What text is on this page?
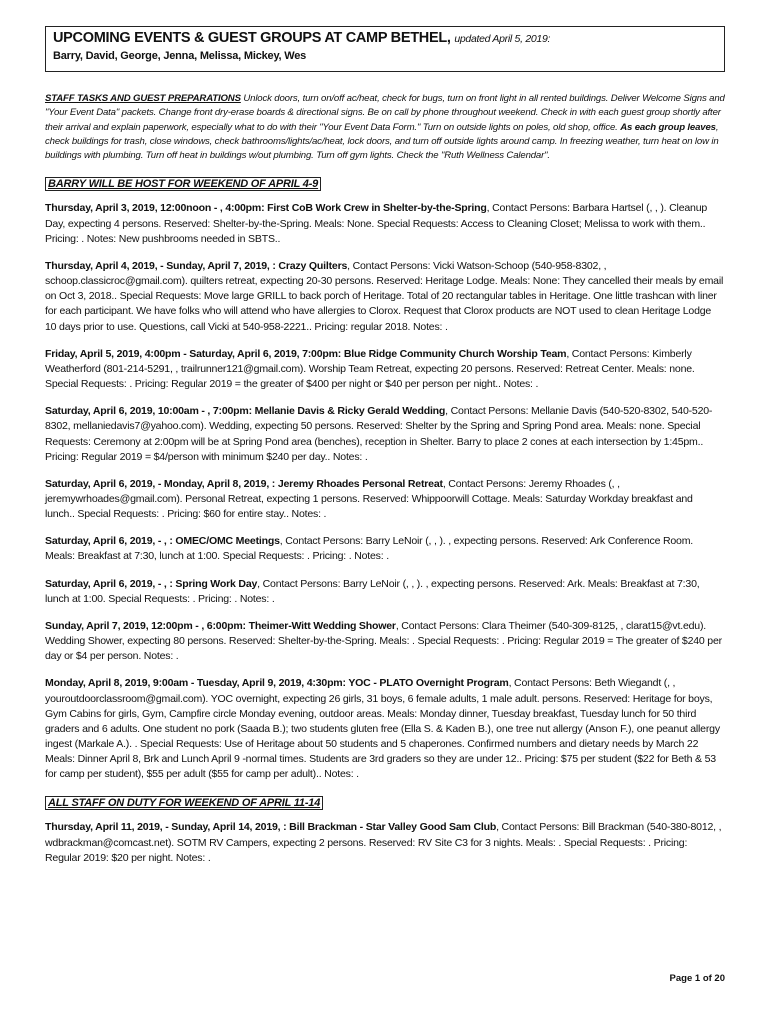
UPCOMING EVENTS & GUEST GROUPS AT CAMP BETHEL, updated April 5, 2019:
Barry, David, George, Jenna, Melissa, Mickey, Wes
STAFF TASKS AND GUEST PREPARATIONS Unlock doors, turn on/off ac/heat, check for bugs, turn on front light in all rented buildings. Deliver Welcome Signs and "Your Event Data" packets. Change front dry-erase boards & directional signs. Be on call by phone throughout weekend. Check in with each guest group shortly after their arrival and explain paperwork, especially what to do with their "Your Event Data Form." Turn on outside lights on poles, old shop, office. As each group leaves, check buildings for trash, close windows, check bathrooms/lights/ac/heat, lock doors, and turn off outside lights around camp. In freezing weather, turn heat on low in buildings with plumbing. Turn off heat in buildings w/out plumbing. Turn off gym lights. Check the "Ruth Wellness Calendar".
BARRY WILL BE HOST FOR WEEKEND OF APRIL 4-9
Thursday, April 3, 2019, 12:00noon - , 4:00pm: First CoB Work Crew in Shelter-by-the-Spring, Contact Persons: Barbara Hartsel (, , ). Cleanup Day, expecting 4 persons. Reserved: Shelter-by-the-Spring. Meals: None. Special Requests: Access to Cleaning Closet; Melissa to work with them.. Pricing: . Notes: New pushbrooms needed in SBTS..
Thursday, April 4, 2019, - Sunday, April 7, 2019, : Crazy Quilters, Contact Persons: Vicki Watson-Schoop (540-958-8302, , schoop.classicroc@gmail.com). quilters retreat, expecting 20-30 persons. Reserved: Heritage Lodge. Meals: None: They cancelled their meals by email on Oct 3, 2018.. Special Requests: Move large GRILL to back porch of Heritage. Total of 20 rectangular tables in Heritage. One little trashcan with liner for each participant. We have folks who will attend who have allergies to Clorox. Request that Clorox products are NOT used to clean Heritage Lodge 10 days prior to use. Questions, call Vicki at 540-958-2221.. Pricing: regular 2018. Notes: .
Friday, April 5, 2019, 4:00pm - Saturday, April 6, 2019, 7:00pm: Blue Ridge Community Church Worship Team, Contact Persons: Kimberly Weatherford (801-214-5291, , trailrunner121@gmail.com). Worship Team Retreat, expecting 20 persons. Reserved: Retreat Center. Meals: none. Special Requests: . Pricing: Regular 2019 = the greater of $400 per night or $40 per person per night.. Notes: .
Saturday, April 6, 2019, 10:00am - , 7:00pm: Mellanie Davis & Ricky Gerald Wedding, Contact Persons: Mellanie Davis (540-520-8302, 540-520-8302, mellaniedavis7@yahoo.com). Wedding, expecting 50 persons. Reserved: Shelter by the Spring and Spring Pond area. Meals: none. Special Requests: Ceremony at 2:00pm will be at Spring Pond area (benches), reception in Shelter. Barry to place 2 cones at each intersection by 1:45pm.. Pricing: Regular 2019 = $4/person with minimum $240 per day.. Notes: .
Saturday, April 6, 2019, - Monday, April 8, 2019, : Jeremy Rhoades Personal Retreat, Contact Persons: Jeremy Rhoades (, , jeremywrhoades@gmail.com). Personal Retreat, expecting 1 persons. Reserved: Whippoorwill Cottage. Meals: Saturday Workday breakfast and lunch.. Special Requests: . Pricing: $60 for entire stay.. Notes: .
Saturday, April 6, 2019, - , : OMEC/OMC Meetings, Contact Persons: Barry LeNoir (, , ). , expecting persons. Reserved: Ark Conference Room. Meals: Breakfast at 7:30, lunch at 1:00. Special Requests: . Pricing: . Notes: .
Saturday, April 6, 2019, - , : Spring Work Day, Contact Persons: Barry LeNoir (, , ). , expecting persons. Reserved: Ark. Meals: Breakfast at 7:30, lunch at 1:00. Special Requests: . Pricing: . Notes: .
Sunday, April 7, 2019, 12:00pm - , 6:00pm: Theimer-Witt Wedding Shower, Contact Persons: Clara Theimer (540-309-8125, , clarat15@vt.edu). Wedding Shower, expecting 80 persons. Reserved: Shelter-by-the-Spring. Meals: . Special Requests: . Pricing: Regular 2019 = The greater of $240 per day or $4 per person. Notes: .
Monday, April 8, 2019, 9:00am - Tuesday, April 9, 2019, 4:30pm: YOC - PLATO Overnight Program, Contact Persons: Beth Wiegandt (, , youroutdoorclassroom@gmail.com). YOC overnight, expecting 26 girls, 31 boys, 6 female adults, 1 male adult. persons. Reserved: Heritage for boys, Gym Cabins for girls, Gym, Campfire circle Monday evening, outdoor areas. Meals: Monday dinner, Tuesday breakfast, Tuesday lunch for 50 third graders and 6 adults. One student no pork (Saada B.); two students gluten free (Ella S. & Kaden B.), one tree nut allergy (Anson F.), one peanut allergy ingest (Markale A.). . Special Requests: Use of Heritage about 50 students and 5 chaperones. Confirmed numbers and dietary needs by March 22 Meals: Dinner April 8, Brk and Lunch April 9 -normal times. Students are 3rd graders so they are under 12.. Pricing: $75 per student ($22 for Beth & 53 for camp per student), $55 per adult ($55 for camp per adult).. Notes: .
ALL STAFF ON DUTY FOR WEEKEND OF APRIL 11-14
Thursday, April 11, 2019, - Sunday, April 14, 2019, : Bill Brackman - Star Valley Good Sam Club, Contact Persons: Bill Brackman (540-380-8012, , wdbrackman@comcast.net). SOTM RV Campers, expecting 2 persons. Reserved: RV Site C3 for 3 nights. Meals: . Special Requests: . Pricing: Regular 2019: $20 per night. Notes: .
Page 1 of 20
